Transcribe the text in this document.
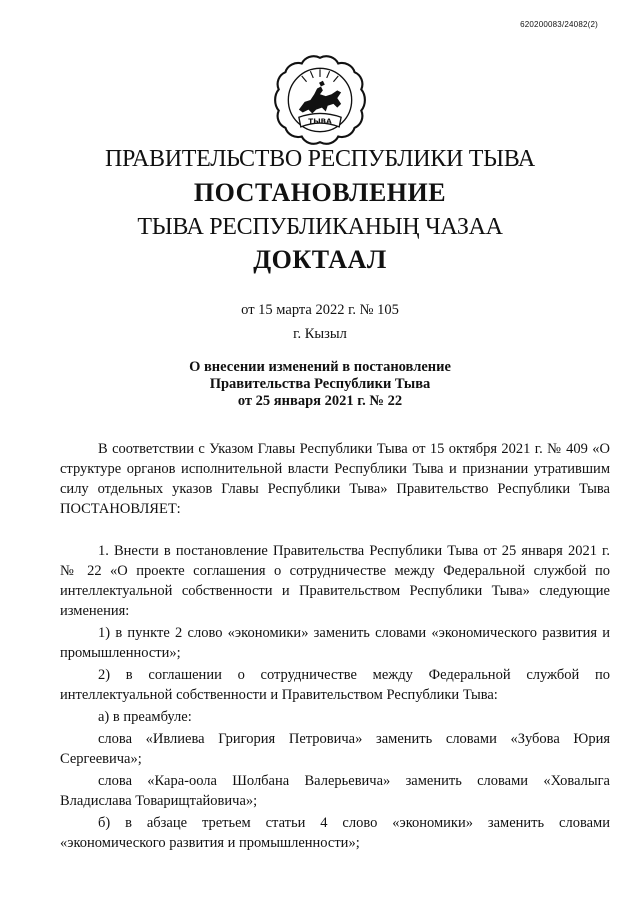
620200083/24082(2)
ТЫВА
ПРАВИТЕЛЬСТВО РЕСПУБЛИКИ ТЫВА
ПОСТАНОВЛЕНИЕ
ТЫВА РЕСПУБЛИКАНЫҢ ЧАЗАА
ДОКТААЛ
от 15 марта 2022 г. № 105
г. Кызыл
О внесении изменений в постановление
Правительства Республики Тыва
от 25 января 2021 г. № 22

В соответствии с Указом Главы Республики Тыва от 15 октября 2021 г. № 409 «О структуре органов исполнительной власти Республики Тыва и признании утратившим силу отдельных указов Главы Республики Тыва» Правительство Республики Тыва ПОСТАНОВЛЯЕТ:

1. Внести в постановление Правительства Республики Тыва от 25 января 2021 г. № 22 «О проекте соглашения о сотрудничестве между Федеральной службой по интеллектуальной собственности и Правительством Республики Тыва» следующие изменения:

1) в пункте 2 слово «экономики» заменить словами «экономического развития и промышленности»;

2) в соглашении о сотрудничестве между Федеральной службой по интеллектуальной собственности и Правительством Республики Тыва:

а) в преамбуле:

слова «Ивлиева Григория Петровича» заменить словами «Зубова Юрия Сергеевича»;

слова «Кара-оола Шолбана Валерьевича» заменить словами «Ховалыга Владислава Товарищтайовича»;

б) в абзаце третьем статьи 4 слово «экономики» заменить словами «экономического развития и промышленности»;
